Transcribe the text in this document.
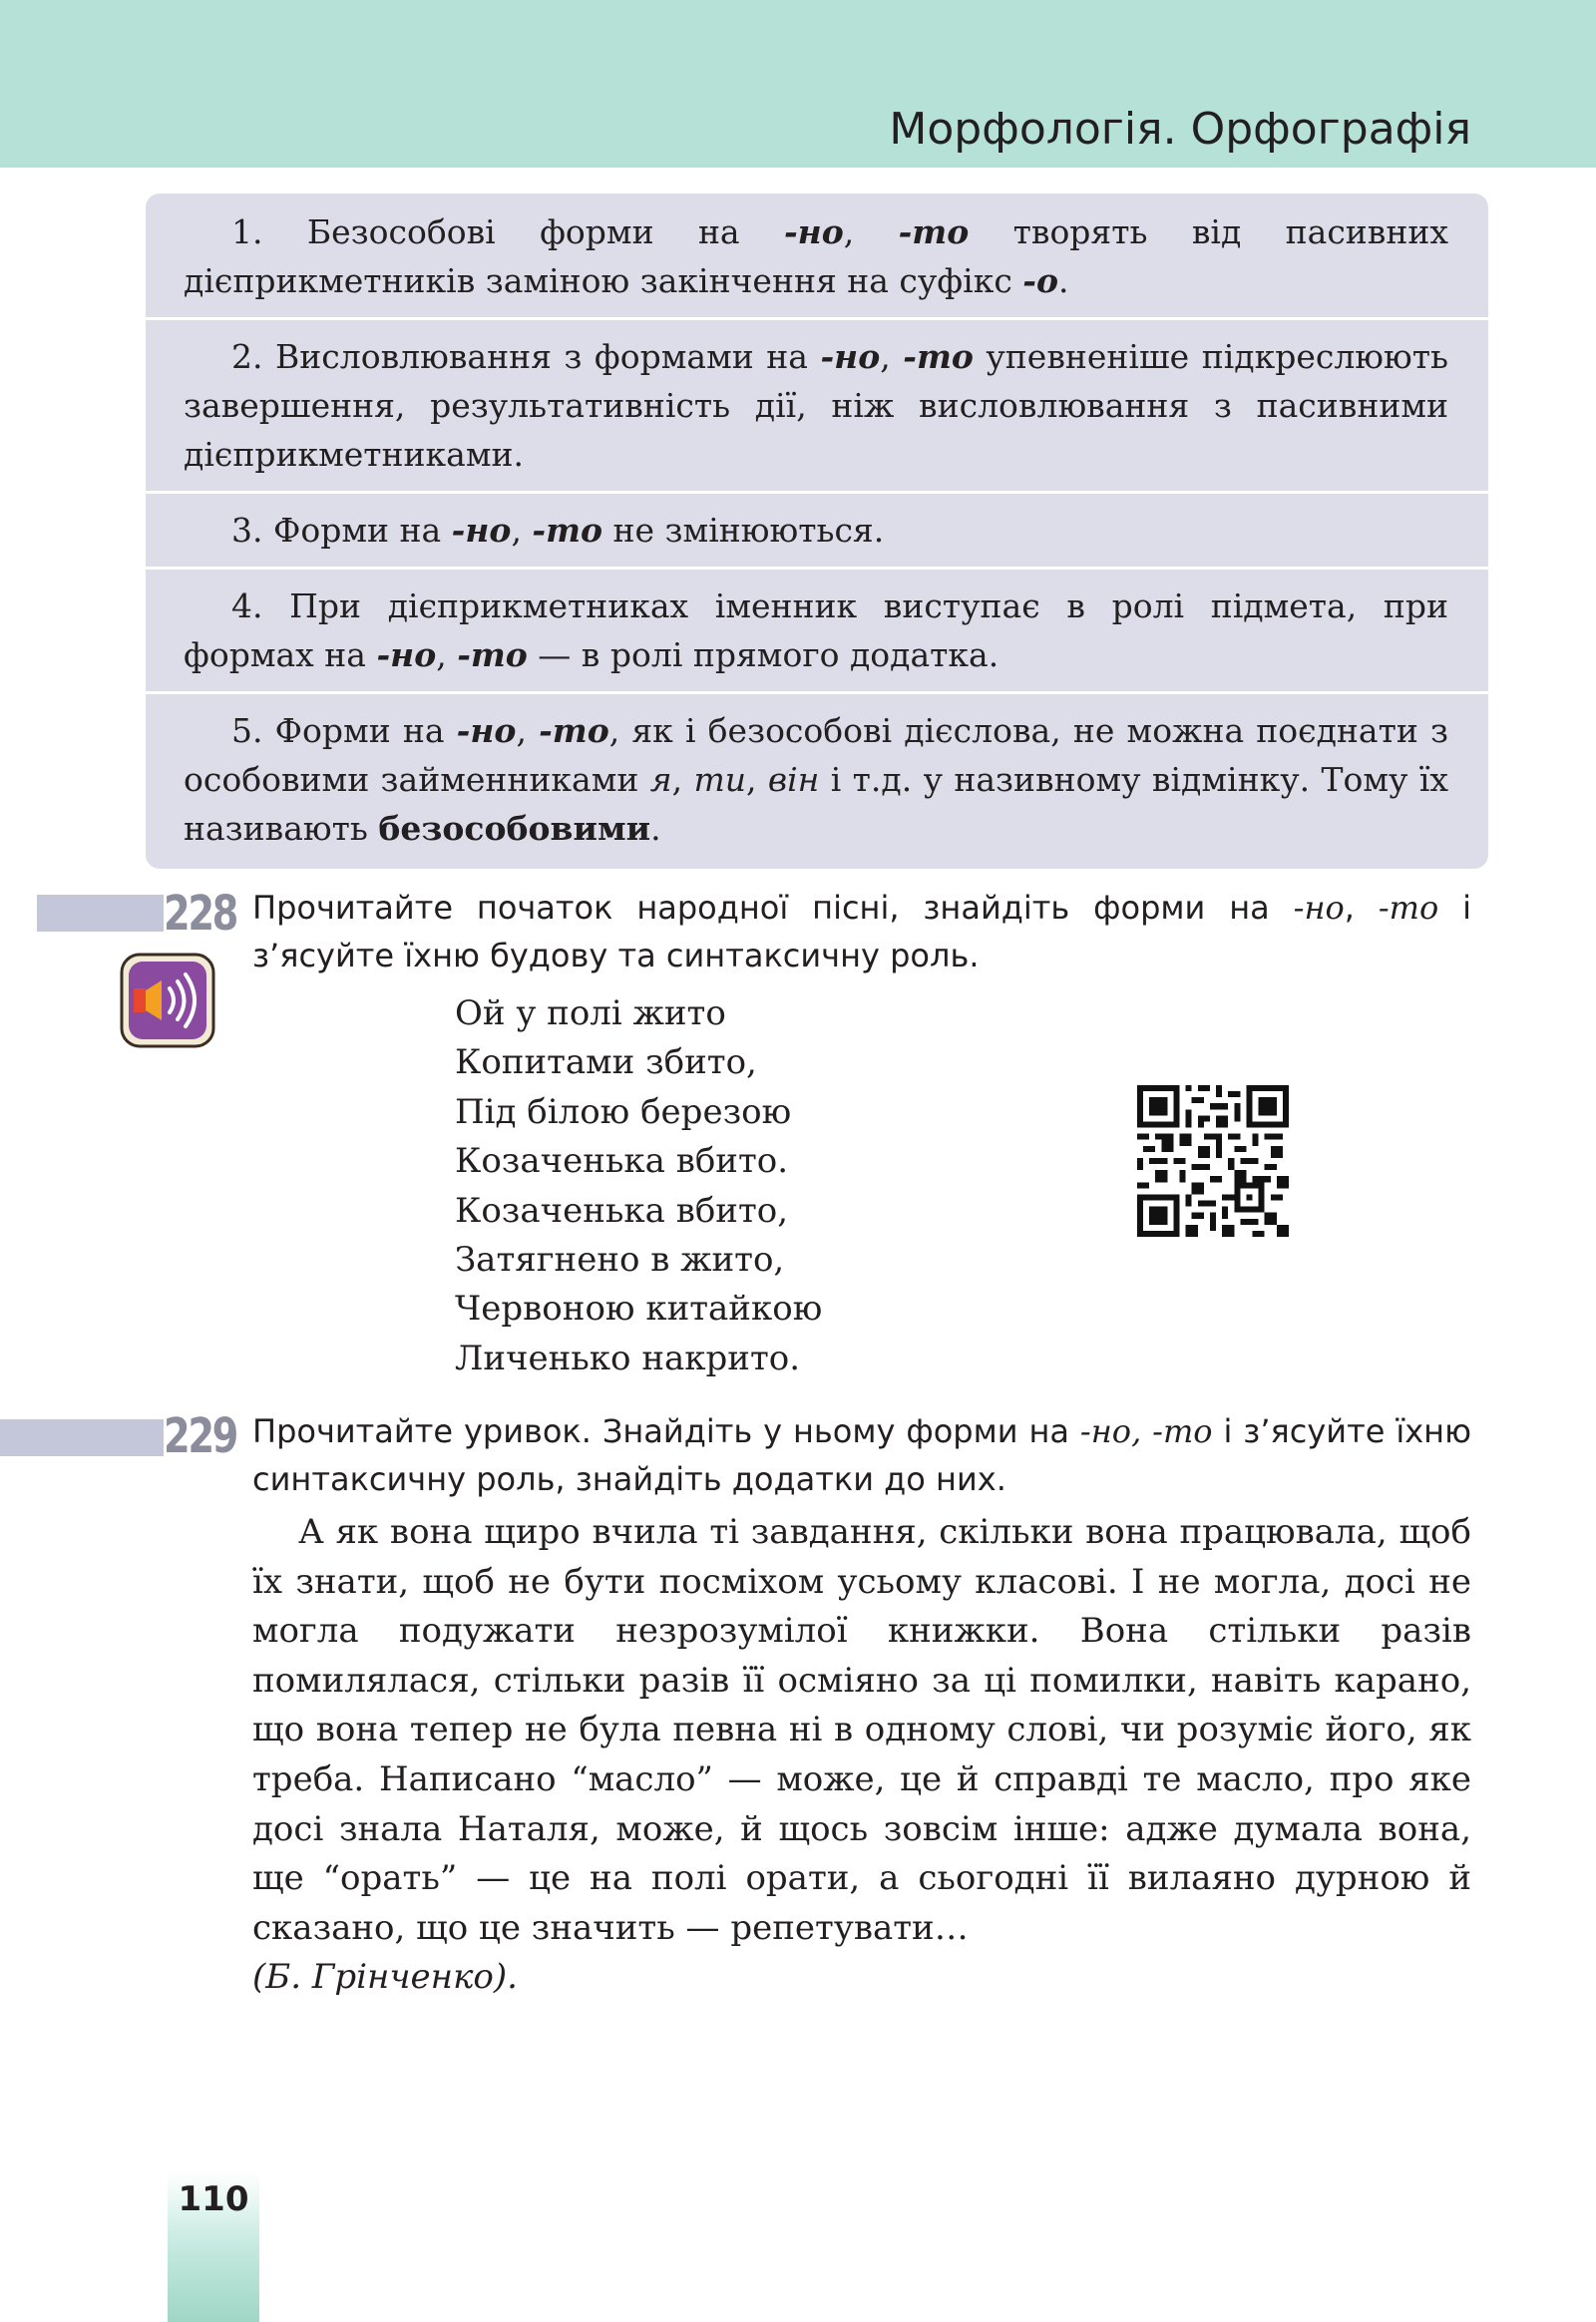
Морфологія. Орфографія
1. Безособові форми на -но, -то творять від пасивних дієприкметників заміною закінчення на суфікс -о.
2. Висловлювання з формами на -но, -то упевненіше підкреслюють завершення, результативність дії, ніж висловлювання з пасивними дієприкметниками.
3. Форми на -но, -то не змінюються.
4. При дієприкметниках іменник виступає в ролі підмета, при формах на -но, -то — в ролі прямого додатка.
5. Форми на -но, -то, як і безособові дієслова, не можна поєднати з особовими займенниками я, ти, він і т.д. у називному відмінку. Тому їх називають безособовими.
228 Прочитайте початок народної пісні, знайдіть форми на -но, -то і з’ясуйте їхню будову та синтаксичну роль.
Ой у полі жито
Копитами збито,
Під білою березою
Козаченька вбито.
Козаченька вбито,
Затягнено в жито,
Червоною китайкою
Личенько накрито.
229 Прочитайте уривок. Знайдіть у ньому форми на -но, -то і з’ясуйте їхню синтаксичну роль, знайдіть додатки до них.
А як вона щиро вчила ті завдання, скільки вона працювала, щоб їх знати, щоб не бути посміхом усьому класові. І не могла, досі не могла подужати незрозумілої книжки. Вона стільки разів помилялася, стільки разів її осміяно за ці помилки, навіть карано, що вона тепер не була певна ні в одному слові, чи розуміє його, як треба. Написано “масло” — може, це й справді те масло, про яке досі знала Наталя, може, й щось зовсім інше: адже думала вона, ще “орать” — це на полі орати, а сьогодні її вилаяно дурною й сказано, що це значить — репетувати…
(Б. Грінченко).
110
